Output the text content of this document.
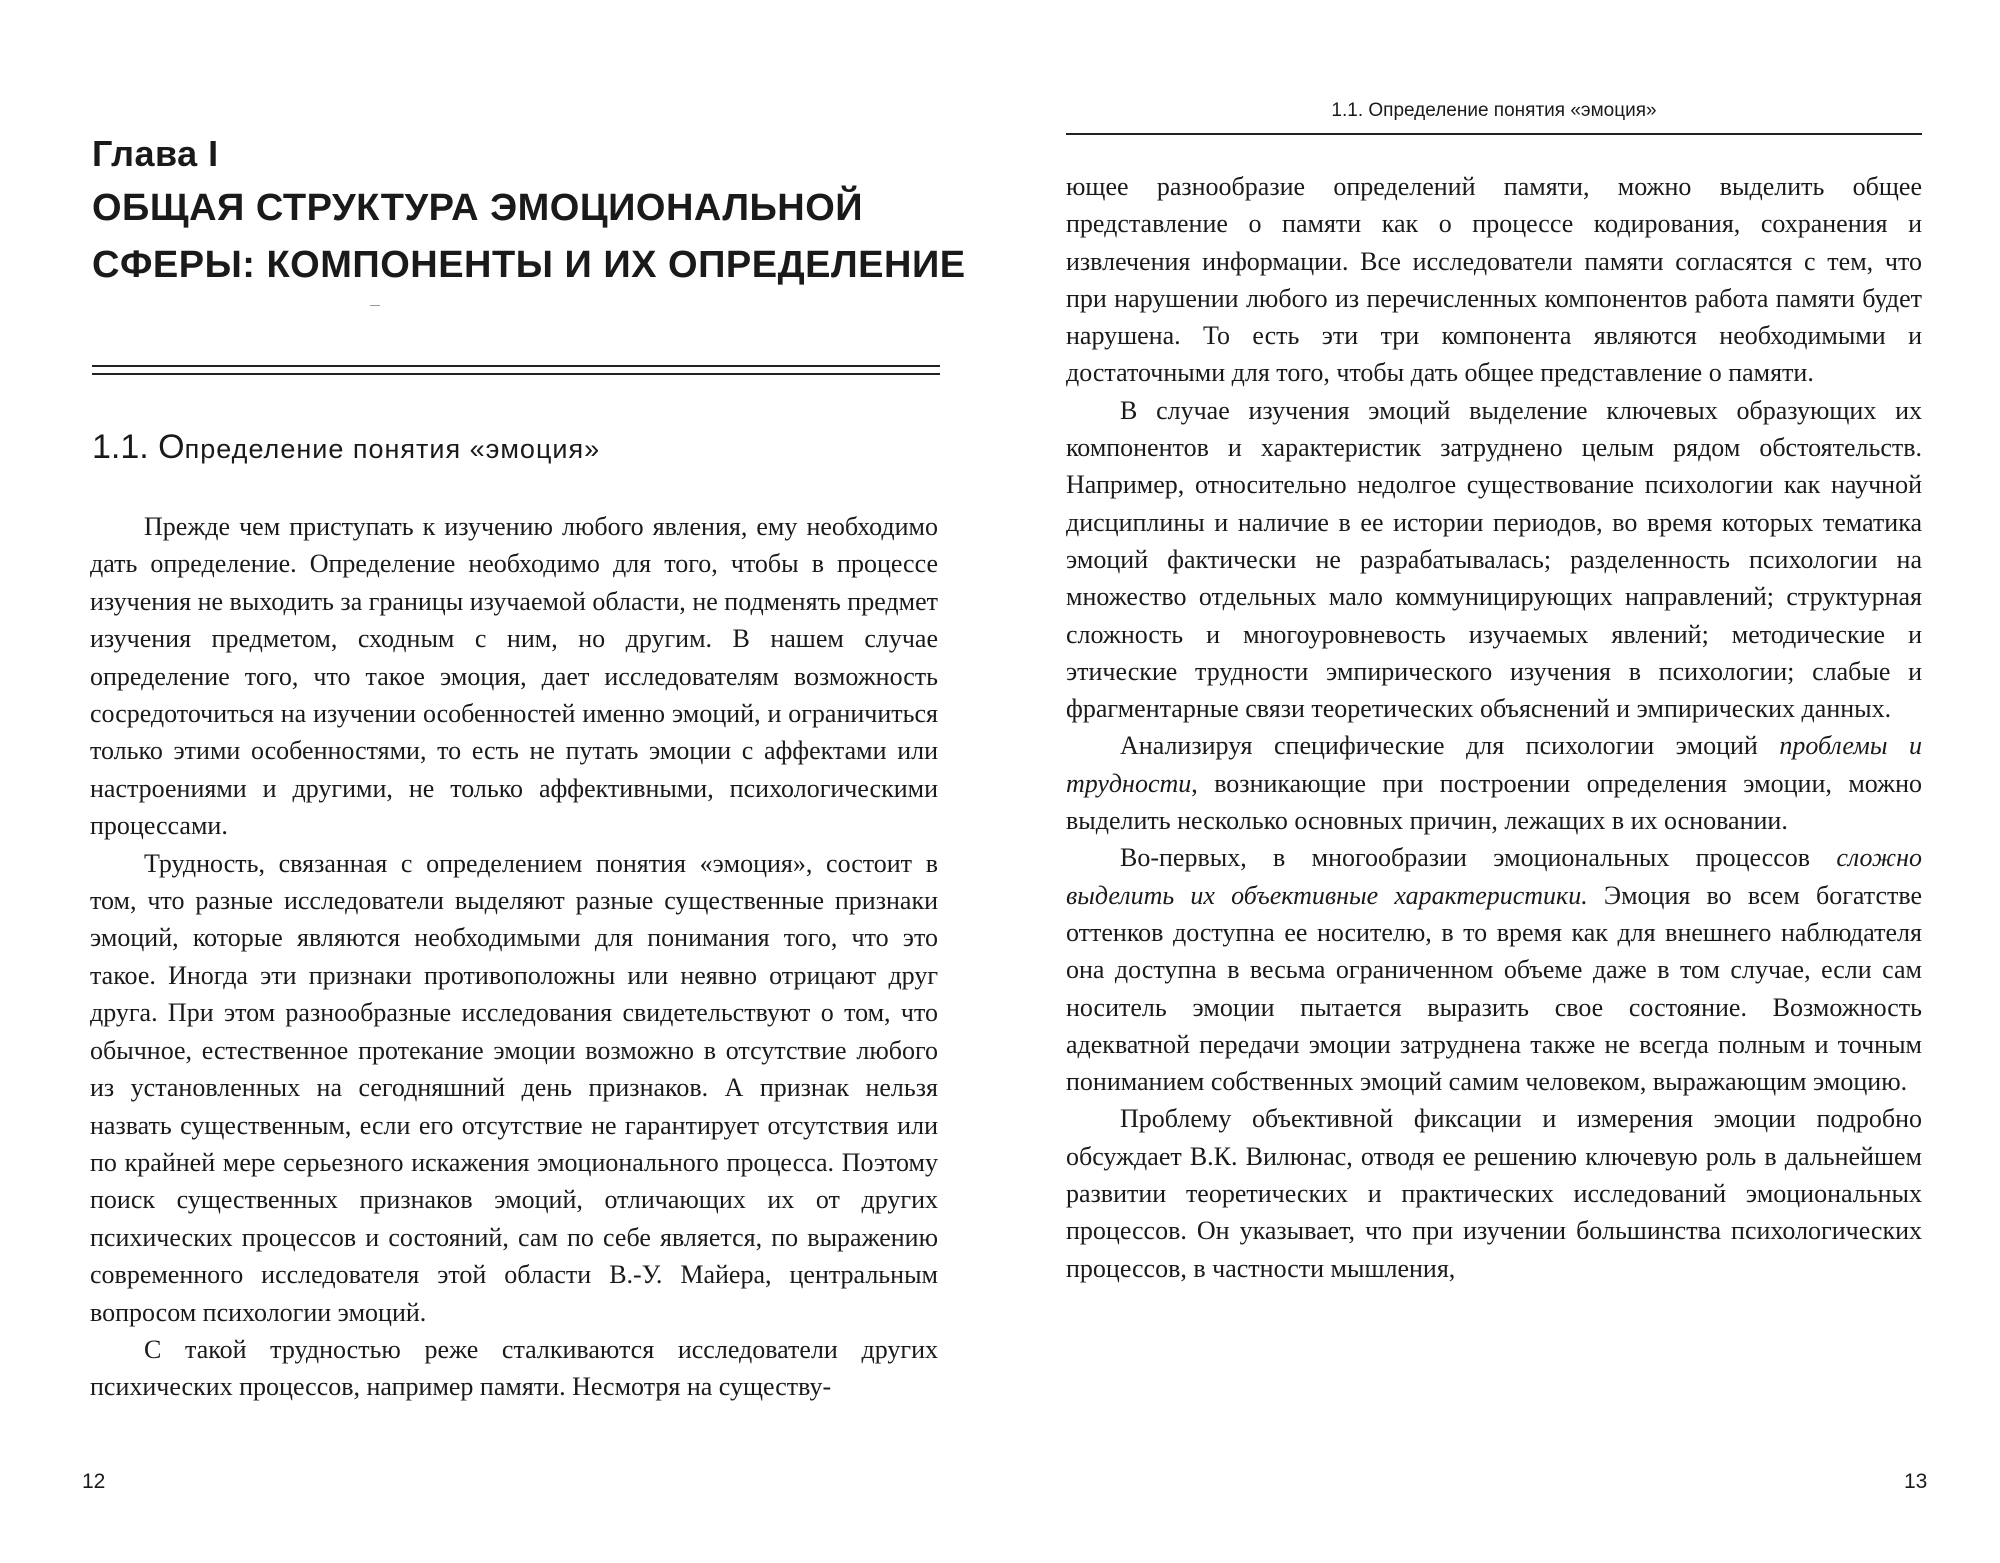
Глава I
ОБЩАЯ СТРУКТУРА ЭМОЦИОНАЛЬНОЙ СФЕРЫ: КОМПОНЕНТЫ И ИХ ОПРЕДЕЛЕНИЕ
1.1. Определение понятия «эмоция»

Прежде чем приступать к изучению любого явления, ему необходимо дать определение. Определение необходимо для того, чтобы в процессе изучения не выходить за границы изучаемой области, не подменять предмет изучения предметом, сходным с ним, но другим. В нашем случае определение того, что такое эмоция, дает исследователям возможность сосредоточиться на изучении особенностей именно эмоций, и ограничиться только этими особенностями, то есть не путать эмоции с аффектами или настроениями и другими, не только аффективными, психологическими процессами.

Трудность, связанная с определением понятия «эмоция», состоит в том, что разные исследователи выделяют разные существенные признаки эмоций, которые являются необходимыми для понимания того, что это такое. Иногда эти признаки противоположны или неявно отрицают друг друга. При этом разнообразные исследования свидетельствуют о том, что обычное, естественное протекание эмоции возможно в отсутствие любого из установленных на сегодняшний день признаков. А признак нельзя назвать существенным, если его отсутствие не гарантирует отсутствия или по крайней мере серьезного искажения эмоционального процесса. Поэтому поиск существенных признаков эмоций, отличающих их от других психических процессов и состояний, сам по себе является, по выражению современного исследователя этой области В.-У. Майера, центральным вопросом психологии эмоций.

С такой трудностью реже сталкиваются исследователи других психических процессов, например памяти. Несмотря на существу-

12
1.1. Определение понятия «эмоция»

ющее разнообразие определений памяти, можно выделить общее представление о памяти как о процессе кодирования, сохранения и извлечения информации. Все исследователи памяти согласятся с тем, что при нарушении любого из перечисленных компонентов работа памяти будет нарушена. То есть эти три компонента являются необходимыми и достаточными для того, чтобы дать общее представление о памяти.

В случае изучения эмоций выделение ключевых образующих их компонентов и характеристик затруднено целым рядом обстоятельств. Например, относительно недолгое существование психологии как научной дисциплины и наличие в ее истории периодов, во время которых тематика эмоций фактически не разрабатывалась; разделенность психологии на множество отдельных мало коммуницирующих направлений; структурная сложность и многоуровневость изучаемых явлений; методические и этические трудности эмпирического изучения в психологии; слабые и фрагментарные связи теоретических объяснений и эмпирических данных.

Анализируя специфические для психологии эмоций проблемы и трудности, возникающие при построении определения эмоции, можно выделить несколько основных причин, лежащих в их основании.

Во-первых, в многообразии эмоциональных процессов сложно выделить их объективные характеристики. Эмоция во всем богатстве оттенков доступна ее носителю, в то время как для внешнего наблюдателя она доступна в весьма ограниченном объеме даже в том случае, если сам носитель эмоции пытается выразить свое состояние. Возможность адекватной передачи эмоции затруднена также не всегда полным и точным пониманием собственных эмоций самим человеком, выражающим эмоцию.

Проблему объективной фиксации и измерения эмоции подробно обсуждает В.К. Вилюнас, отводя ее решению ключевую роль в дальнейшем развитии теоретических и практических исследований эмоциональных процессов. Он указывает, что при изучении большинства психологических процессов, в частности мышления,

13
